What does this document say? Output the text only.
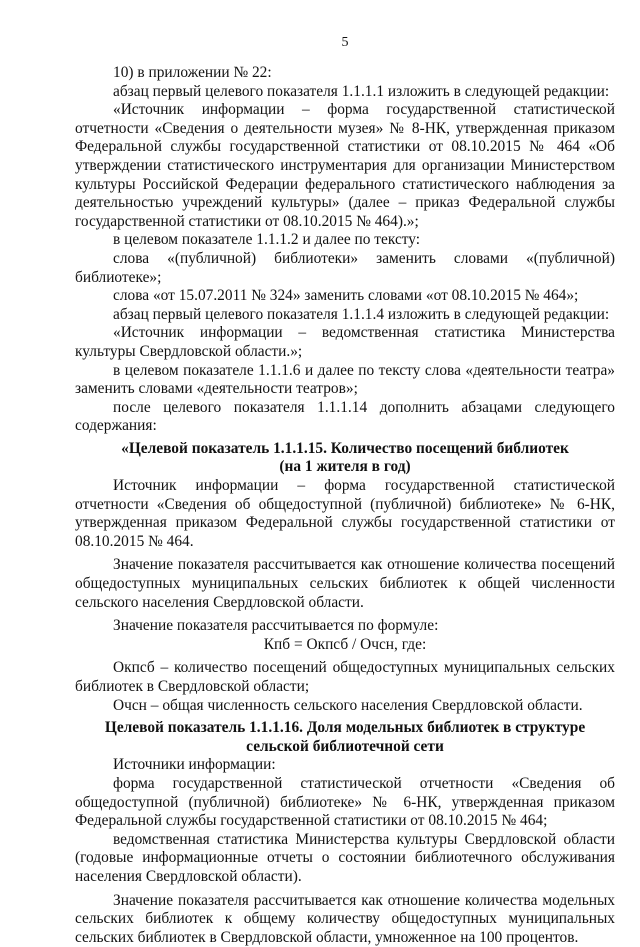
5

10) в приложении № 22:

абзац первый целевого показателя 1.1.1.1 изложить в следующей редакции:

«Источник информации – форма государственной статистической отчетности «Сведения о деятельности музея» № 8-НК, утвержденная приказом Федеральной службы государственной статистики от 08.10.2015 № 464 «Об утверждении статистического инструментария для организации Министерством культуры Российской Федерации федерального статистического наблюдения за деятельностью учреждений культуры» (далее – приказ Федеральной службы государственной статистики от 08.10.2015 № 464).»;

в целевом показателе 1.1.1.2 и далее по тексту:

слова «(публичной) библиотеки» заменить словами «(публичной) библиотеке»;

слова «от 15.07.2011 № 324» заменить словами «от 08.10.2015 № 464»;

абзац первый целевого показателя 1.1.1.4 изложить в следующей редакции:

«Источник информации – ведомственная статистика Министерства культуры Свердловской области.»;

в целевом показателе 1.1.1.6 и далее по тексту слова «деятельности театра» заменить словами «деятельности театров»;

после целевого показателя 1.1.1.14 дополнить абзацами следующего содержания:

«Целевой показатель 1.1.1.15. Количество посещений библиотек
(на 1 жителя в год)

Источник информации – форма государственной статистической отчетности «Сведения об общедоступной (публичной) библиотеке» № 6-НК, утвержденная приказом Федеральной службы государственной статистики от 08.10.2015 № 464.

Значение показателя рассчитывается как отношение количества посещений общедоступных муниципальных сельских библиотек к общей численности сельского населения Свердловской области.

Значение показателя рассчитывается по формуле:

Кпб = Окпсб / Очсн, где:

Окпсб – количество посещений общедоступных муниципальных сельских библиотек в Свердловской области;

Очсн – общая численность сельского населения Свердловской области.

Целевой показатель 1.1.1.16. Доля модельных библиотек в структуре
сельской библиотечной сети

Источники информации:

форма государственной статистической отчетности «Сведения об общедоступной (публичной) библиотеке» № 6-НК, утвержденная приказом Федеральной службы государственной статистики от 08.10.2015 № 464;

ведомственная статистика Министерства культуры Свердловской области (годовые информационные отчеты о состоянии библиотечного обслуживания населения Свердловской области).

Значение показателя рассчитывается как отношение количества модельных сельских библиотек к общему количеству общедоступных муниципальных сельских библиотек в Свердловской области, умноженное на 100 процентов.
